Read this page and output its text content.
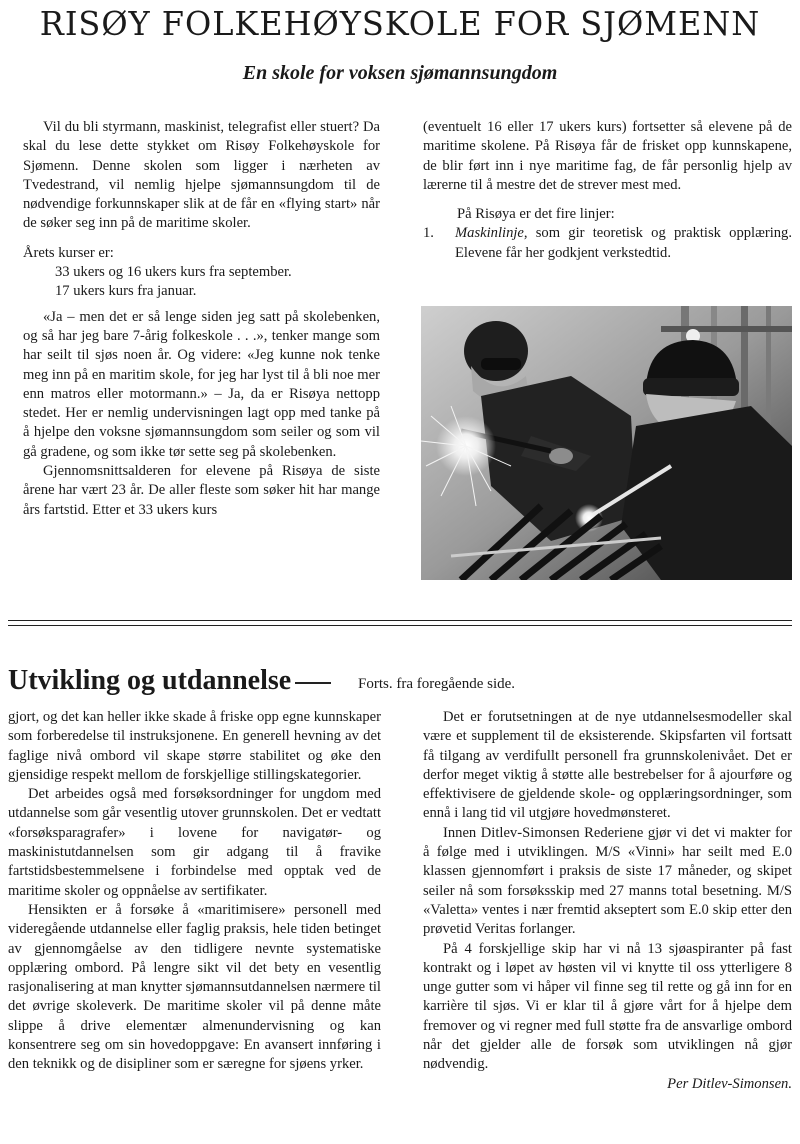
RISØY FOLKEHØYSKOLE FOR SJØMENN
En skole for voksen sjømannsungdom

Vil du bli styrmann, maskinist, telegrafist eller stuert? Da skal du lese dette stykket om Risøy Folkehøyskole for Sjømenn. Denne skolen som ligger i nærheten av Tvedestrand, vil nemlig hjelpe sjømannsungdom til de nødvendige forkunnskaper slik at de får en «flying start» når de søker seg inn på de maritime skoler.

Årets kurser er:

33 ukers og 16 ukers kurs fra september.

17 ukers kurs fra januar.

«Ja – men det er så lenge siden jeg satt på skolebenken, og så har jeg bare 7-årig folkeskole . . .», tenker mange som har seilt til sjøs noen år. Og videre: «Jeg kunne nok tenke meg inn på en maritim skole, for jeg har lyst til å bli noe mer enn matros eller motormann.» – Ja, da er Risøya nettopp stedet. Her er nemlig undervisningen lagt opp med tanke på å hjelpe den voksne sjømannsungdom som seiler og som vil gå gradene, og som ikke tør sette seg på skolebenken.

Gjennomsnittsalderen for elevene på Risøya de siste årene har vært 23 år. De aller fleste som søker hit har mange års fartstid. Etter et 33 ukers kurs

(eventuelt 16 eller 17 ukers kurs) fortsetter så elevene på de maritime skolene. På Risøya får de frisket opp kunnskapene, de blir ført inn i nye maritime fag, de får personlig hjelp av lærerne til å mestre det de strever mest med.

På Risøya er det fire linjer:

1.	Maskinlinje, som gir teoretisk og praktisk opplæring. Elevene får her godkjent verkstedtid.
Utvikling og utdannelse	Forts. fra foregående side.

gjort, og det kan heller ikke skade å friske opp egne kunnskaper som forberedelse til instruksjonene. En generell hevning av det faglige nivå ombord vil skape større stabilitet og øke den gjensidige respekt mellom de forskjellige stillingskategorier.

Det arbeides også med forsøksordninger for ungdom med utdannelse som går vesentlig utover grunnskolen. Det er vedtatt «forsøksparagrafer» i lovene for navigatør- og maskinistutdannelsen som gir adgang til å fravike fartstidsbestemmelsene i forbindelse med opptak ved de maritime skoler og oppnåelse av sertifikater.

Hensikten er å forsøke å «maritimisere» personell med videregående utdannelse eller faglig praksis, hele tiden betinget av gjennomgåelse av den tidligere nevnte systematiske opplæring ombord. På lengre sikt vil det bety en vesentlig rasjonalisering at man knytter sjømannsutdannelsen nærmere til det øvrige skoleverk. De maritime skoler vil på denne måte slippe å drive elementær almenundervisning og kan konsentrere seg om sin hovedoppgave: En avansert innføring i den teknikk og de disipliner som er særegne for sjøens yrker.

Det er forutsetningen at de nye utdannelsesmodeller skal være et supplement til de eksisterende. Skipsfarten vil fortsatt få tilgang av verdifullt personell fra grunnskolenivået. Det er derfor meget viktig å støtte alle bestrebelser for å ajourføre og effektivisere de gjeldende skole- og opplæringsordninger, som ennå i lang tid vil utgjøre hovedmønsteret.

Innen Ditlev-Simonsen Rederiene gjør vi det vi makter for å følge med i utviklingen. M/S «Vinni» har seilt med E.0 klassen gjennomført i praksis de siste 17 måneder, og skipet seiler nå som forsøksskip med 27 manns total besetning. M/S «Valetta» ventes i nær fremtid akseptert som E.0 skip etter den prøvetid Veritas forlanger.

På 4 forskjellige skip har vi nå 13 sjøaspiranter på fast kontrakt og i løpet av høsten vil vi knytte til oss ytterligere 8 unge gutter som vi håper vil finne seg til rette og gå inn for en karrière til sjøs. Vi er klar til å gjøre vårt for å hjelpe dem fremover og vi regner med full støtte fra de ansvarlige ombord når det gjelder alle de forsøk som utviklingen nå gjør nødvendig.

Per Ditlev-Simonsen.
